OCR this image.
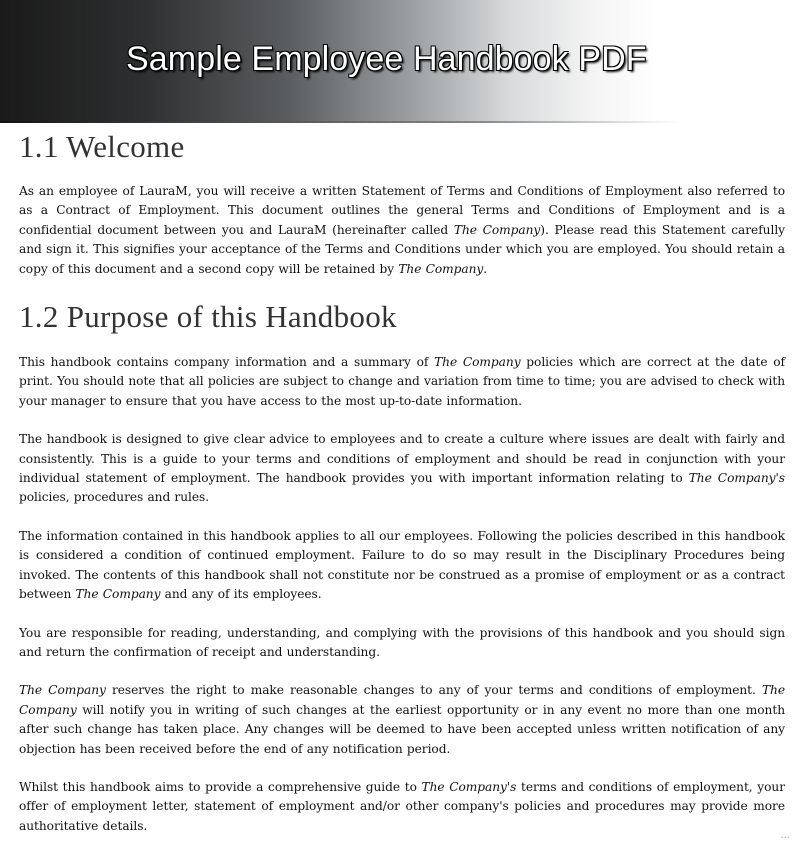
Sample Employee Handbook PDF
1.1 Welcome

As an employee of LauraM, you will receive a written Statement of Terms and Conditions of Employment also referred to as a Contract of Employment. This document outlines the general Terms and Conditions of Employment and is a confidential document between you and LauraM (hereinafter called The Company). Please read this Statement carefully and sign it. This signifies your acceptance of the Terms and Conditions under which you are employed. You should retain a copy of this document and a second copy will be retained by The Company.

1.2 Purpose of this Handbook

This handbook contains company information and a summary of The Company policies which are correct at the date of print. You should note that all policies are subject to change and variation from time to time; you are advised to check with your manager to ensure that you have access to the most up-to-date information.

The handbook is designed to give clear advice to employees and to create a culture where issues are dealt with fairly and consistently. This is a guide to your terms and conditions of employment and should be read in conjunction with your individual statement of employment. The handbook provides you with important information relating to The Company's policies, procedures and rules.

The information contained in this handbook applies to all our employees. Following the policies described in this handbook is considered a condition of continued employment. Failure to do so may result in the Disciplinary Procedures being invoked. The contents of this handbook shall not constitute nor be construed as a promise of employment or as a contract between The Company and any of its employees.

You are responsible for reading, understanding, and complying with the provisions of this handbook and you should sign and return the confirmation of receipt and understanding.

The Company reserves the right to make reasonable changes to any of your terms and conditions of employment. The Company will notify you in writing of such changes at the earliest opportunity or in any event no more than one month after such change has taken place. Any changes will be deemed to have been accepted unless written notification of any objection has been received before the end of any notification period.

Whilst this handbook aims to provide a comprehensive guide to The Company's terms and conditions of employment, your offer of employment letter, statement of employment and/or other company's policies and procedures may provide more authoritative details.

...
